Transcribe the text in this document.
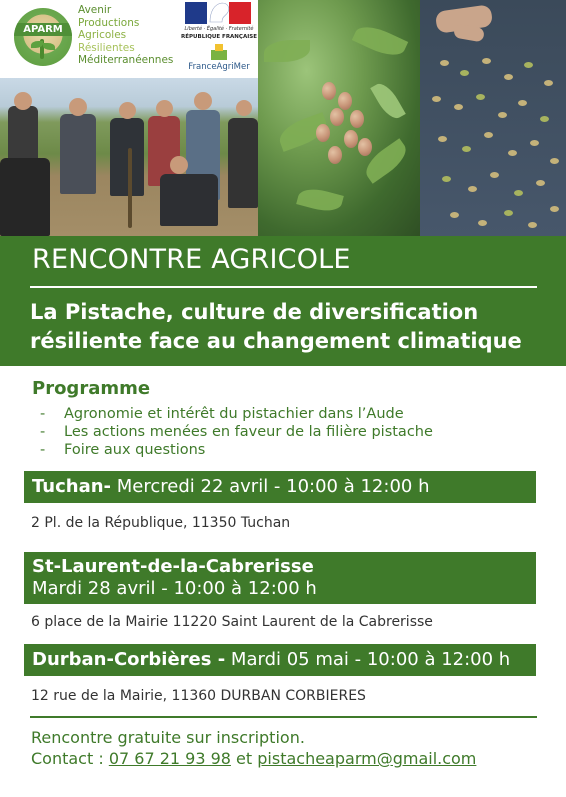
APARM
Avenir
Productions
Agricoles
Résilientes
Méditerranéennes
Liberté · Égalité · Fraternité
RÉPUBLIQUE FRANÇAISE
FranceAgriMer
RENCONTRE AGRICOLE
La Pistache, culture de diversification
résiliente face au changement climatique
Programme
- Agronomie et intérêt du pistachier dans l’Aude
- Les actions menées en faveur de la filière pistache
- Foire aux questions
Tuchan- Mercredi 22 avril - 10:00 à 12:00 h
2 Pl. de la République, 11350 Tuchan
St-Laurent-de-la-Cabrerisse
Mardi 28 avril - 10:00 à 12:00 h
6 place de la Mairie 11220 Saint Laurent de la Cabrerisse
Durban-Corbières - Mardi 05 mai - 10:00 à 12:00 h
12 rue de la Mairie, 11360 DURBAN CORBIERES
Rencontre gratuite sur inscription.
Contact : 07 67 21 93 98 et pistacheaparm@gmail.com
